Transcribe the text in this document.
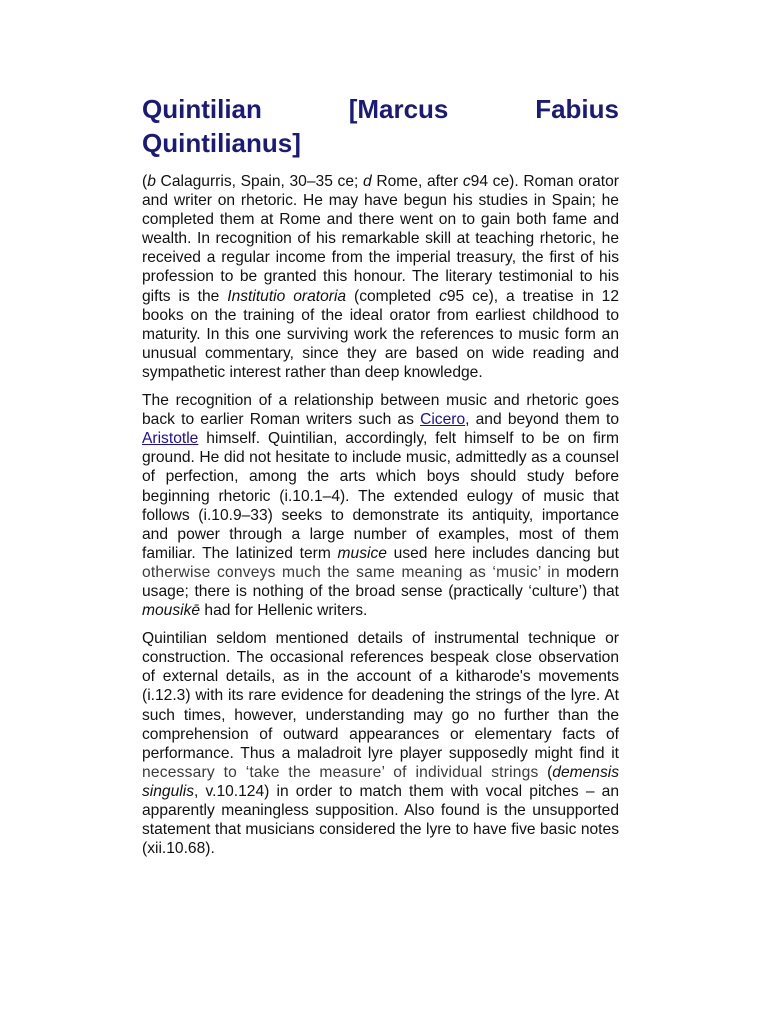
Quintilian [Marcus Fabius Quintilianus]

(b Calagurris, Spain, 30–35 ce; d Rome, after c94 ce). Roman orator and writer on rhetoric. He may have begun his studies in Spain; he completed them at Rome and there went on to gain both fame and wealth. In recognition of his remarkable skill at teaching rhetoric, he received a regular income from the imperial treasury, the first of his profession to be granted this honour. The literary testimonial to his gifts is the Institutio oratoria (completed c95 ce), a treatise in 12 books on the training of the ideal orator from earliest childhood to maturity. In this one surviving work the references to music form an unusual commentary, since they are based on wide reading and sympathetic interest rather than deep knowledge.

The recognition of a relationship between music and rhetoric goes back to earlier Roman writers such as Cicero, and beyond them to Aristotle himself. Quintilian, accordingly, felt himself to be on firm ground. He did not hesitate to include music, admittedly as a counsel of perfection, among the arts which boys should study before beginning rhetoric (i.10.1–4). The extended eulogy of music that follows (i.10.9–33) seeks to demonstrate its antiquity, importance and power through a large number of examples, most of them familiar. The latinized term musice used here includes dancing but otherwise conveys much the same meaning as ‘music’ in modern usage; there is nothing of the broad sense (practically ‘culture’) that mousikē had for Hellenic writers.

Quintilian seldom mentioned details of instrumental technique or construction. The occasional references bespeak close observation of external details, as in the account of a kitharode's movements (i.12.3) with its rare evidence for deadening the strings of the lyre. At such times, however, understanding may go no further than the comprehension of outward appearances or elementary facts of performance. Thus a maladroit lyre player supposedly might find it necessary to ‘take the measure’ of individual strings (demensis singulis, v.10.124) in order to match them with vocal pitches – an apparently meaningless supposition. Also found is the unsupported statement that musicians considered the lyre to have five basic notes (xii.10.68).
